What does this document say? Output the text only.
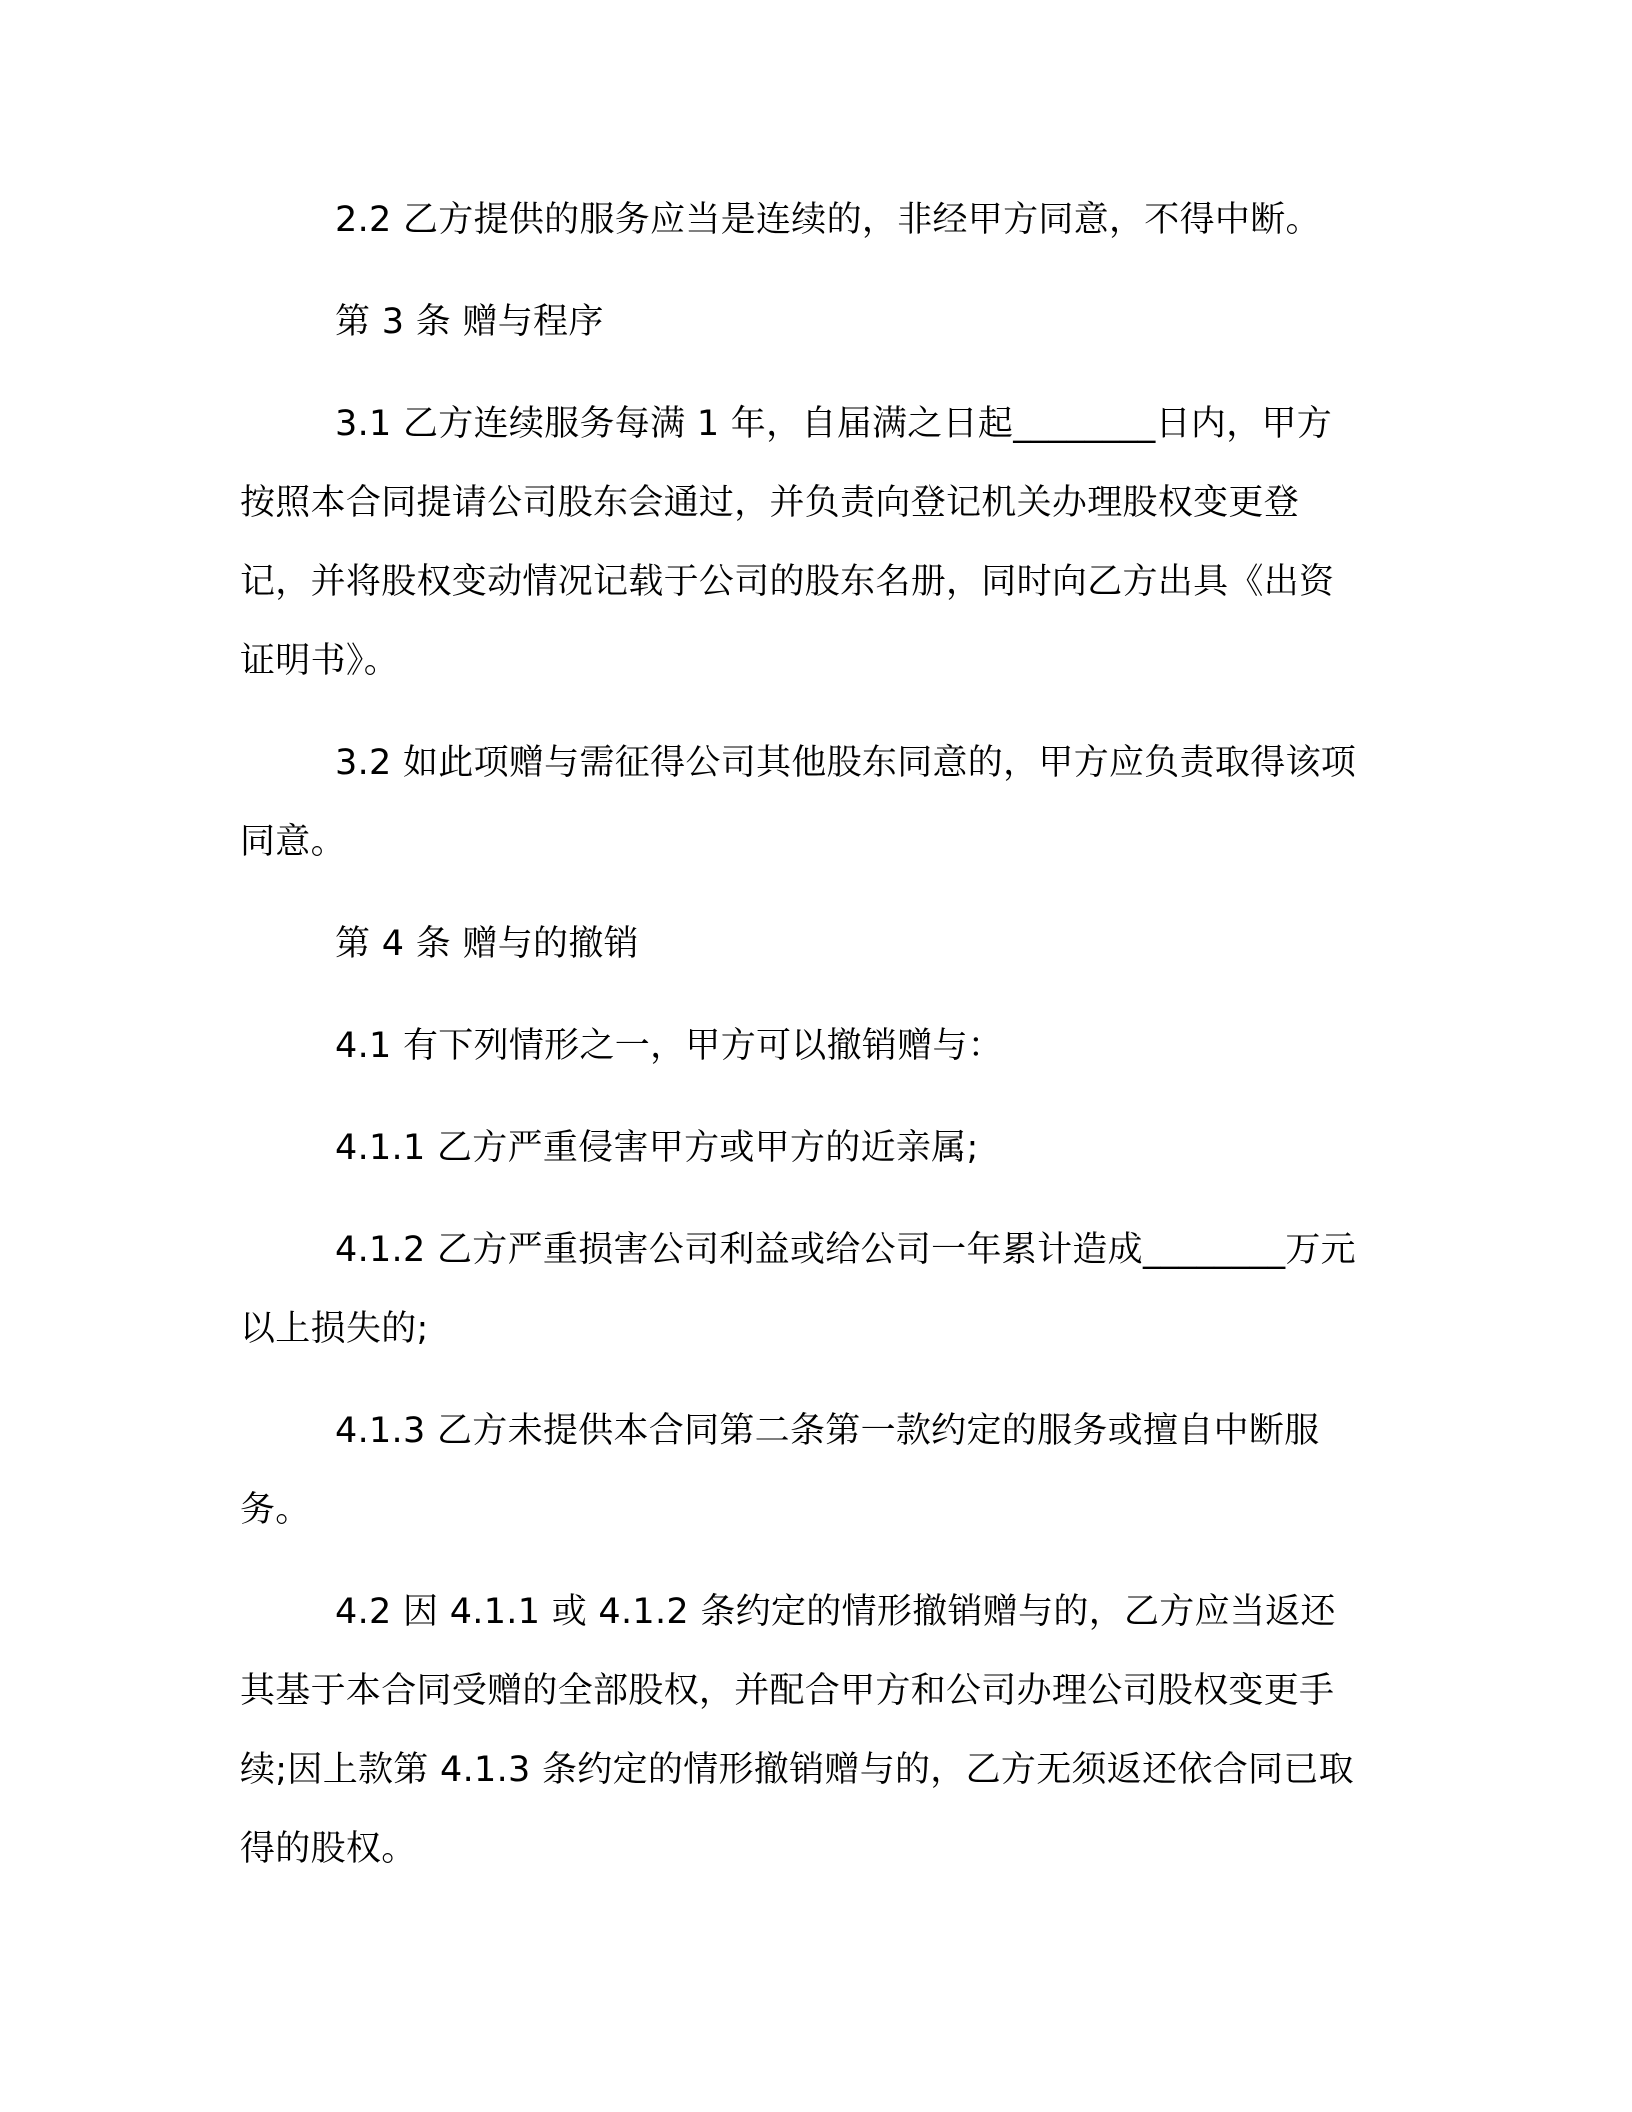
2.2 乙方提供的服务应当是连续的，非经甲方同意，不得中断。

第 3 条 赠与程序

3.1 乙方连续服务每满 1 年，自届满之日起________日内，甲方按照本合同提请公司股东会通过，并负责向登记机关办理股权变更登记，并将股权变动情况记载于公司的股东名册，同时向乙方出具《出资证明书》。

3.2 如此项赠与需征得公司其他股东同意的，甲方应负责取得该项同意。

第 4 条 赠与的撤销

4.1 有下列情形之一，甲方可以撤销赠与：

4.1.1 乙方严重侵害甲方或甲方的近亲属;

4.1.2 乙方严重损害公司利益或给公司一年累计造成________万元以上损失的;

4.1.3 乙方未提供本合同第二条第一款约定的服务或擅自中断服务。

4.2 因 4.1.1 或 4.1.2 条约定的情形撤销赠与的，乙方应当返还其基于本合同受赠的全部股权，并配合甲方和公司办理公司股权变更手续;因上款第 4.1.3 条约定的情形撤销赠与的，乙方无须返还依合同已取得的股权。
